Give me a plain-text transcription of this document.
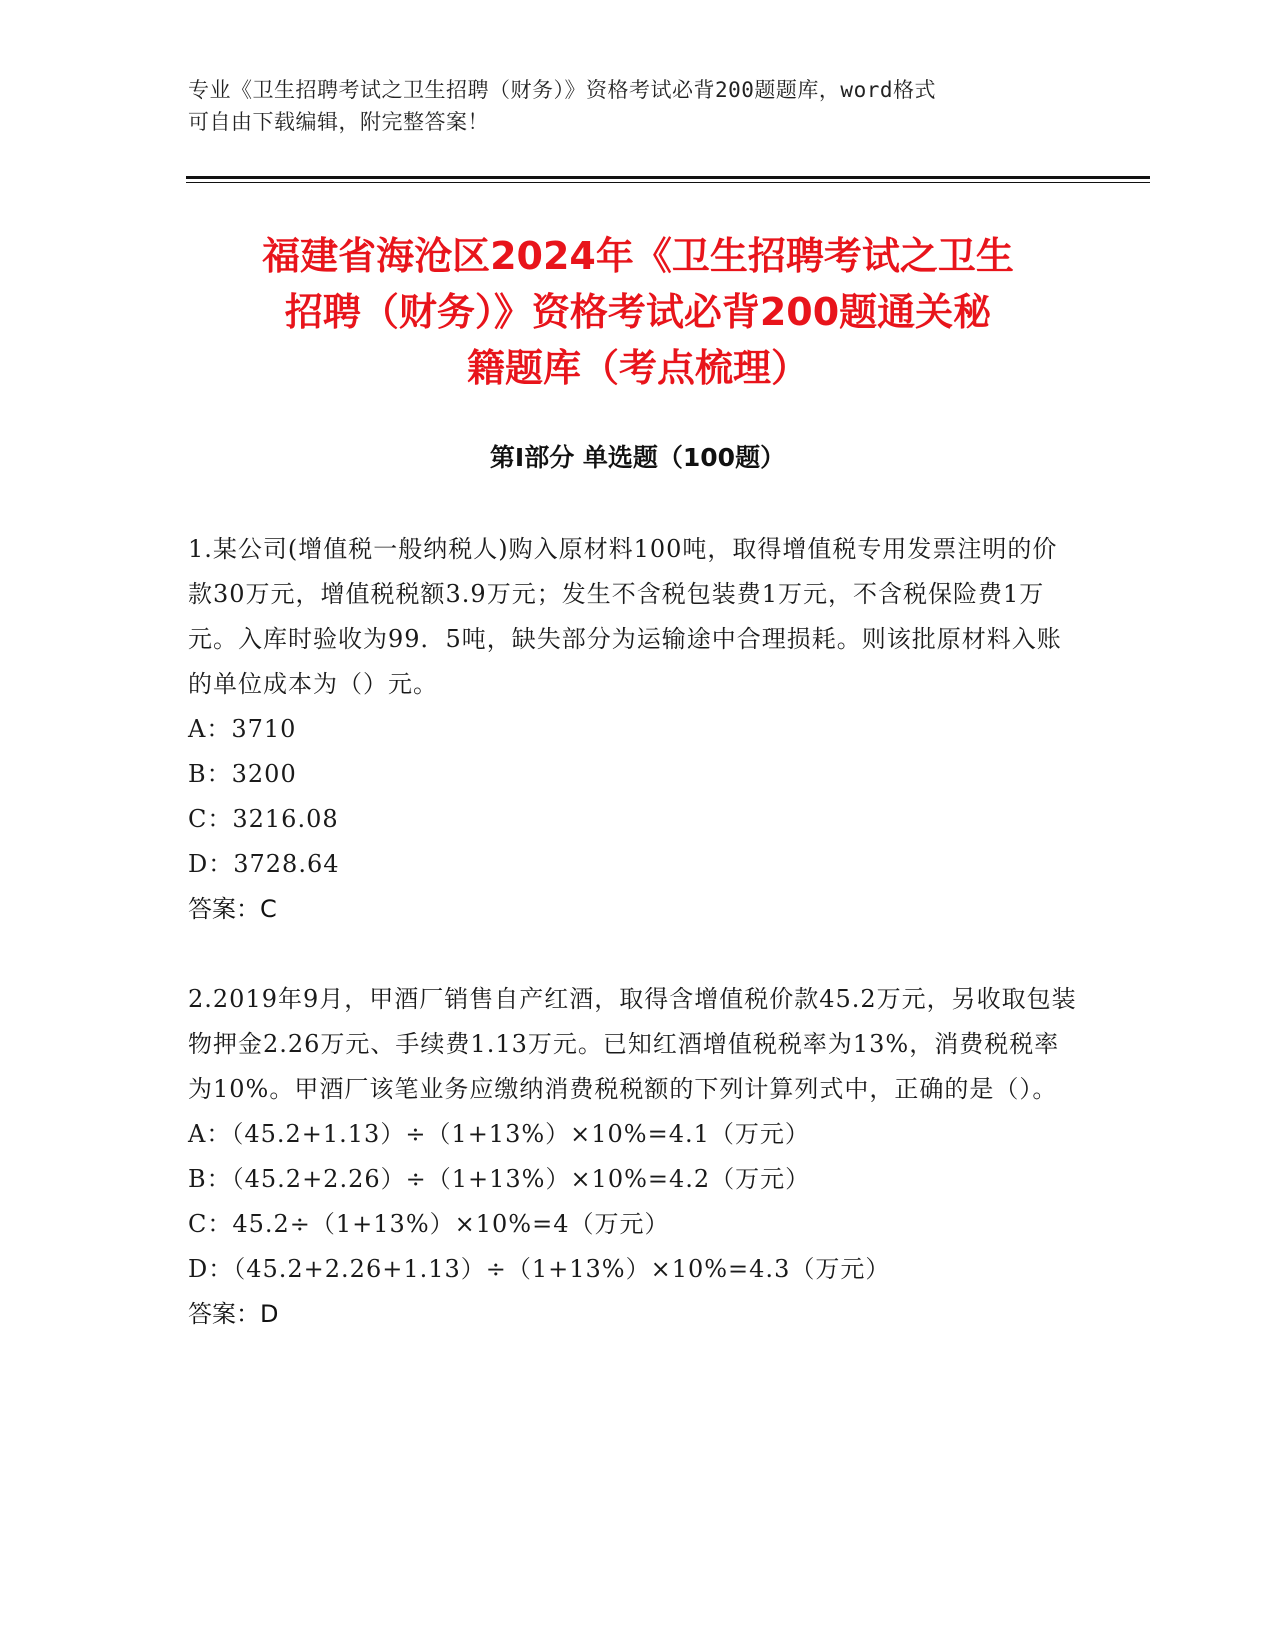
专业《卫生招聘考试之卫生招聘（财务）》资格考试必背200题题库，word格式
可自由下载编辑，附完整答案！
福建省海沧区2024年《卫生招聘考试之卫生
招聘（财务）》资格考试必背200题通关秘
籍题库（考点梳理）
第Ⅰ部分 单选题（100题）

1.某公司(增值税一般纳税人)购入原材料100吨，取得增值税专用发票注明的价款30万元，增值税税额3.9万元；发生不含税包装费1万元，不含税保险费1万元。入库时验收为99．5吨，缺失部分为运输途中合理损耗。则该批原材料入账的单位成本为（）元。

A：3710
B：3200
C：3216.08
D：3728.64
答案：C

2.2019年9月，甲酒厂销售自产红酒，取得含增值税价款45.2万元，另收取包装物押金2.26万元、手续费1.13万元。已知红酒增值税税率为13%，消费税税率为10%。甲酒厂该笔业务应缴纳消费税税额的下列计算列式中，正确的是（）。

A：（45.2+1.13）÷（1+13%）×10%=4.1（万元）
B：（45.2+2.26）÷（1+13%）×10%=4.2（万元）
C：45.2÷（1+13%）×10%=4（万元）
D：（45.2+2.26+1.13）÷（1+13%）×10%=4.3（万元）
答案：D
